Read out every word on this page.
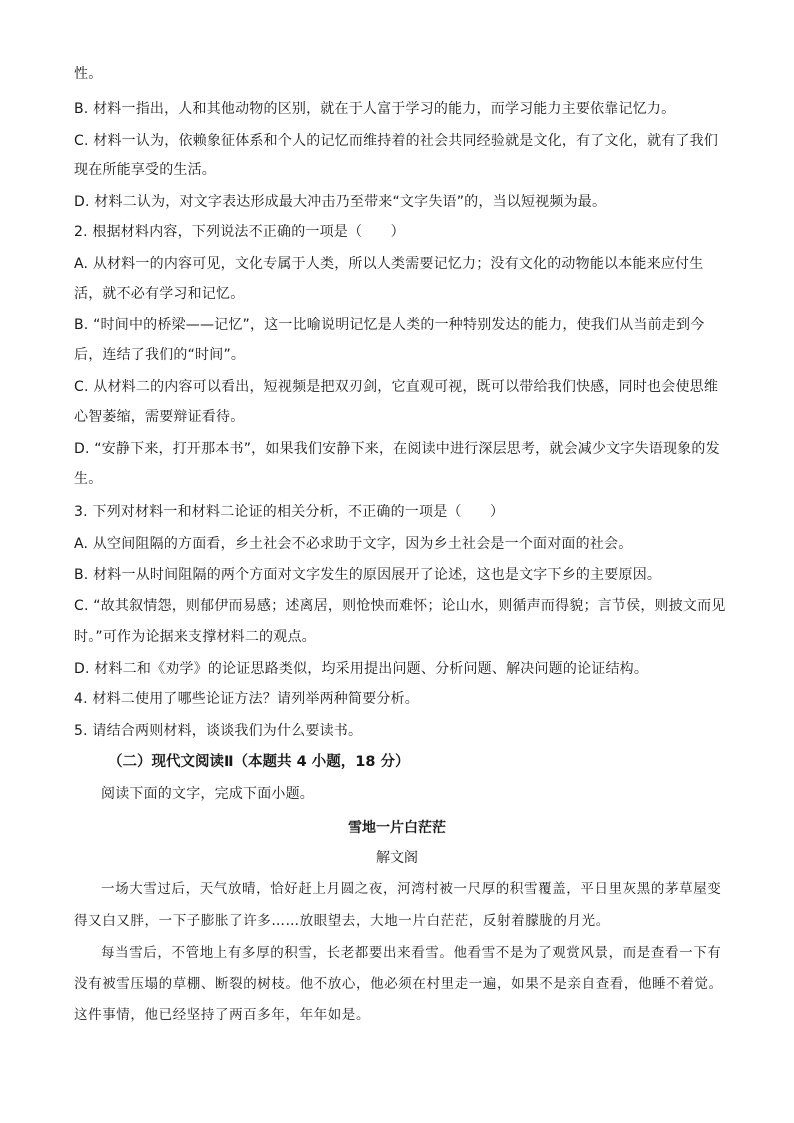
性。
B. 材料一指出，人和其他动物的区别，就在于人富于学习的能力，而学习能力主要依靠记忆力。
C. 材料一认为，依赖象征体系和个人的记忆而维持着的社会共同经验就是文化，有了文化，就有了我们
现在所能享受的生活。
D. 材料二认为，对文字表达形成最大冲击乃至带来“文字失语”的，当以短视频为最。
2. 根据材料内容，下列说法不正确的一项是（　　）
A. 从材料一的内容可见，文化专属于人类，所以人类需要记忆力；没有文化的动物能以本能来应付生
活，就不必有学习和记忆。
B. “时间中的桥梁——记忆”，这一比喻说明记忆是人类的一种特别发达的能力，使我们从当前走到今
后，连结了我们的“时间”。
C. 从材料二的内容可以看出，短视频是把双刃剑，它直观可视，既可以带给我们快感，同时也会使思维
心智萎缩，需要辩证看待。
D. “安静下来，打开那本书”，如果我们安静下来，在阅读中进行深层思考，就会减少文字失语现象的发
生。
3. 下列对材料一和材料二论证的相关分析，不正确的一项是（　　）
A. 从空间阻隔的方面看，乡土社会不必求助于文字，因为乡土社会是一个面对面的社会。
B. 材料一从时间阻隔的两个方面对文字发生的原因展开了论述，这也是文字下乡的主要原因。
C. “故其叙情怨，则郁伊而易感；述离居，则怆怏而难怀；论山水，则循声而得貌；言节侯，则披文而见
时。”可作为论据来支撑材料二的观点。
D. 材料二和《劝学》的论证思路类似，均采用提出问题、分析问题、解决问题的论证结构。
4. 材料二使用了哪些论证方法？请列举两种简要分析。
5. 请结合两则材料，谈谈我们为什么要读书。
（二）现代文阅读Ⅱ（本题共 4 小题，18 分）
阅读下面的文字，完成下面小题。
雪地一片白茫茫
解文阁
一场大雪过后，天气放晴，恰好赶上月圆之夜，河湾村被一尺厚的积雪覆盖，平日里灰黑的茅草屋变
得又白又胖，一下子膨胀了许多……放眼望去，大地一片白茫茫，反射着朦胧的月光。
每当雪后，不管地上有多厚的积雪，长老都要出来看雪。他看雪不是为了观赏风景，而是查看一下有
没有被雪压塌的草棚、断裂的树枝。他不放心，他必须在村里走一遍，如果不是亲自查看，他睡不着觉。
这件事情，他已经坚持了两百多年，年年如是。
